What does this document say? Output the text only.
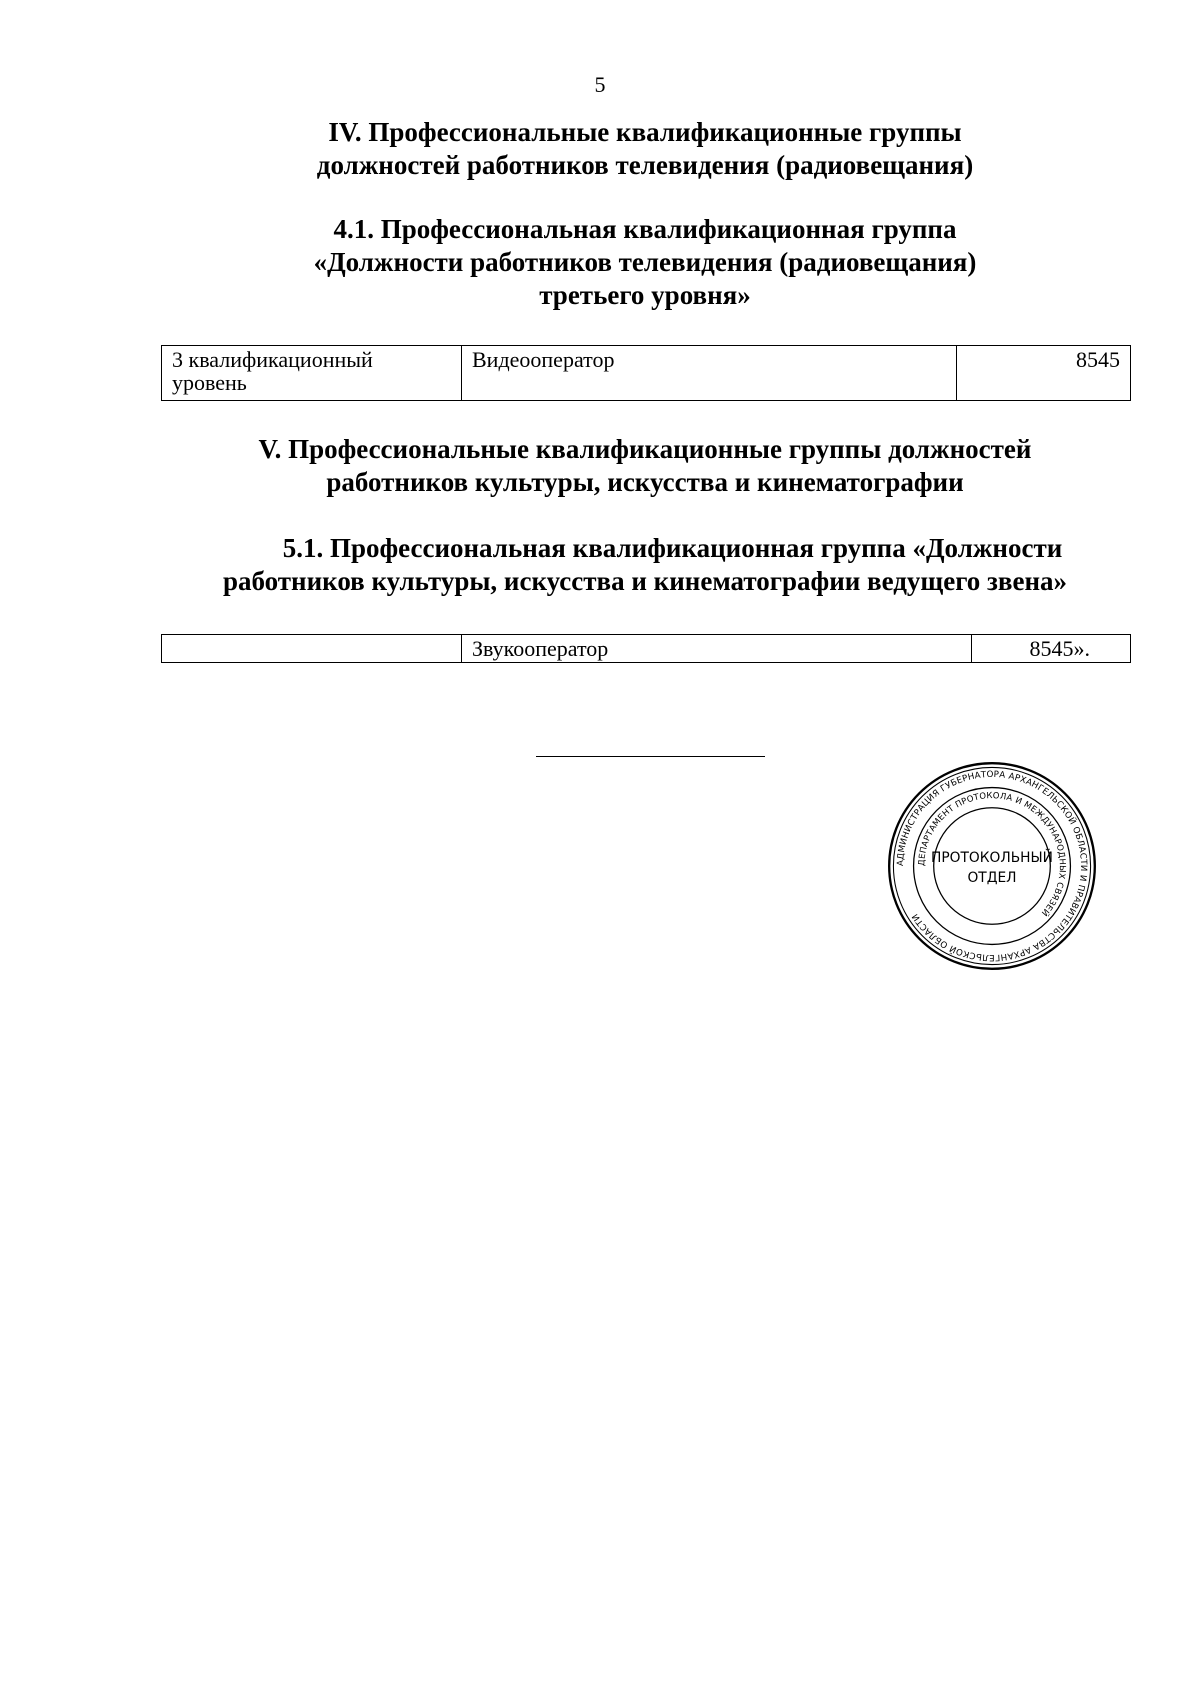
5
IV. Профессиональные квалификационные группы
должностей работников телевидения (радиовещания)
4.1. Профессиональная квалификационная группа
«Должности работников телевидения (радиовещания)
третьего уровня»
3 квалификационный уровень	Видеооператор	8545
V. Профессиональные квалификационные группы должностей
работников культуры, искусства и кинематографии
5.1. Профессиональная квалификационная группа «Должности
работников культуры, искусства и кинематографии ведущего звена»
	Звукооператор	8545».
АДМИНИСТРАЦИЯ ГУБЕРНАТОРА АРХАНГЕЛЬСКОЙ ОБЛАСТИ И ПРАВИТЕЛЬСТВА АРХАНГЕЛЬСКОЙ ОБЛАСТИ
ДЕПАРТАМЕНТ ПРОТОКОЛА И МЕЖДУНАРОДНЫХ СВЯЗЕЙ
ПРОТОКОЛЬНЫЙ
ОТДЕЛ
